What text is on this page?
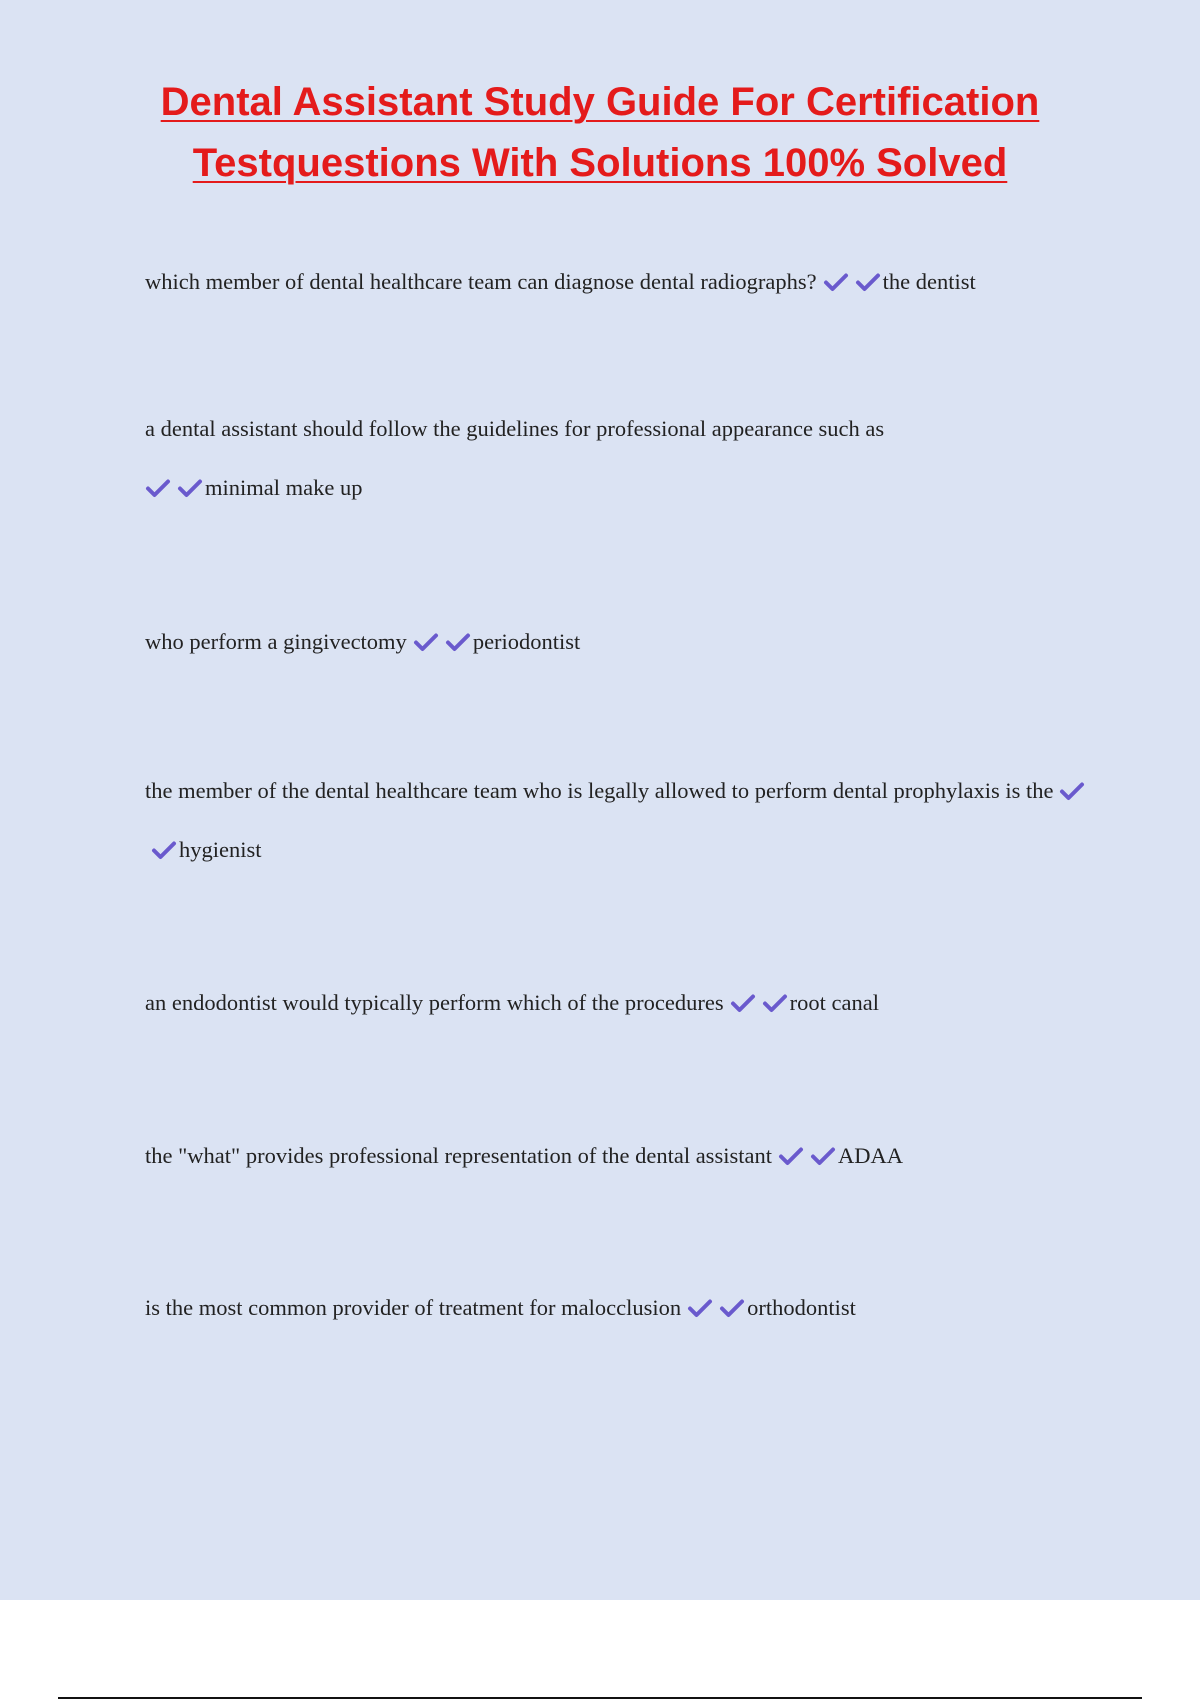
Dental Assistant Study Guide For Certification
Testquestions With Solutions 100% Solved

which member of dental healthcare team can diagnose dental radiographs?	the dentist

a dental assistant should follow the guidelines for professional appearance such as

minimal make up

who perform a gingivectomy	periodontist

the member of the dental healthcare team who is legally allowed to perform dental prophylaxis is the
hygienist

an endodontist would typically perform which of the procedures	root canal

the "what" provides professional representation of the dental assistant	ADAA

is the most common provider of treatment for malocclusion	orthodontist
